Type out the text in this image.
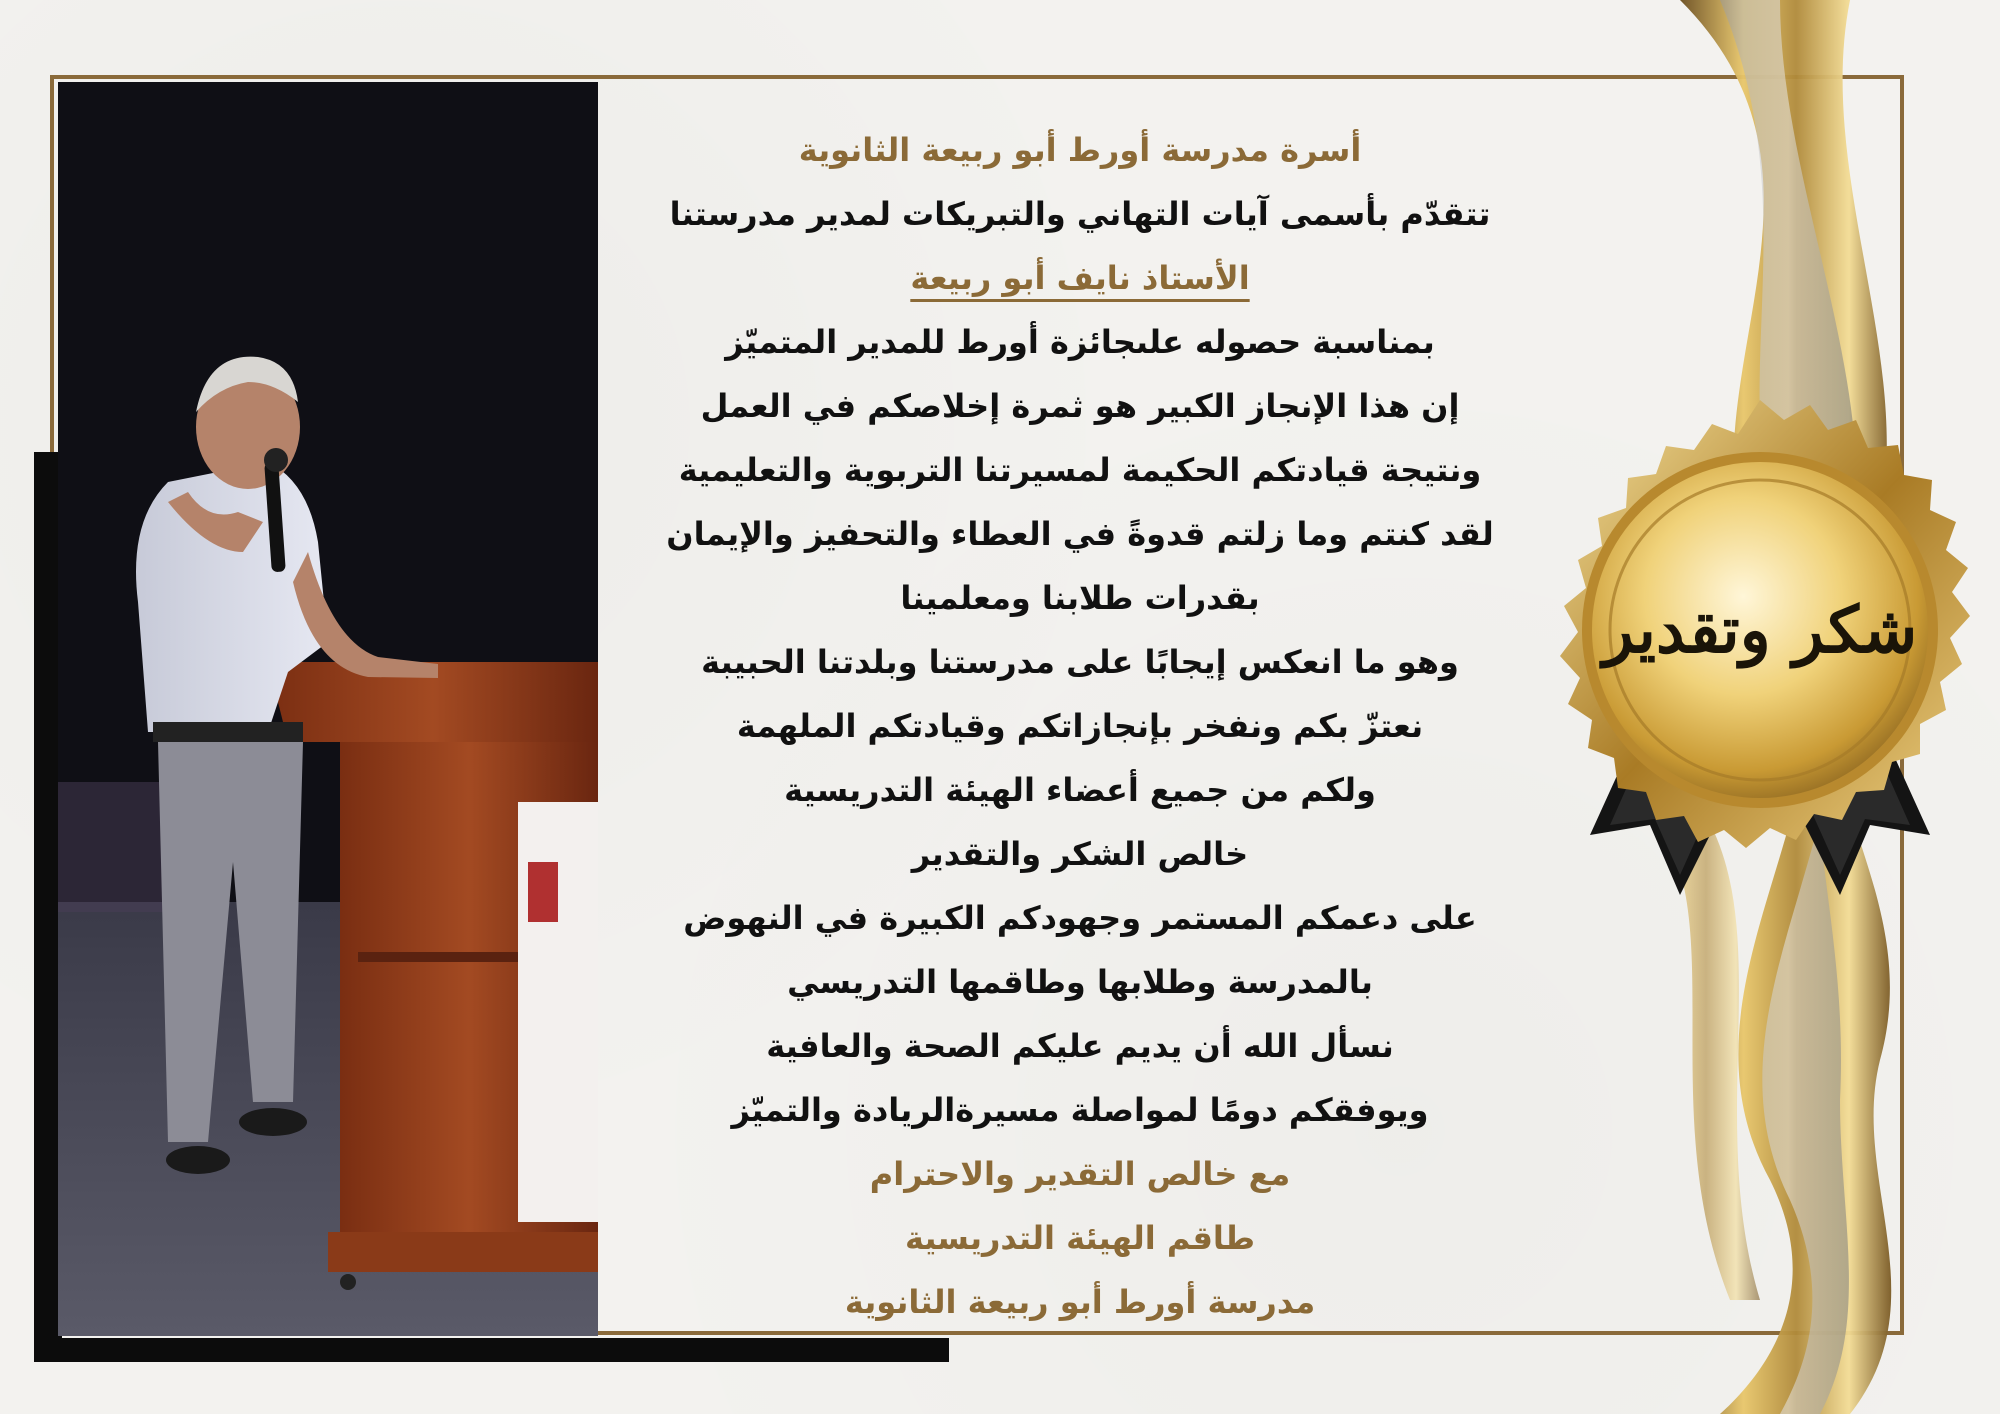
شكر وتقدير
أسرة مدرسة أورط أبو ربيعة الثانوية
تتقدّم بأسمى آيات التهاني والتبريكات لمدير مدرستنا
الأستاذ نايف أبو ربيعة
بمناسبة حصوله علىجائزة أورط للمدير المتميّز
إن هذا الإنجاز الكبير هو ثمرة إخلاصكم في العمل
ونتيجة قيادتكم الحكيمة لمسيرتنا التربوية والتعليمية
لقد كنتم وما زلتم قدوةً في العطاء والتحفيز والإيمان
بقدرات طلابنا ومعلمينا
وهو ما انعكس إيجابًا على مدرستنا وبلدتنا الحبيبة
نعتزّ بكم ونفخر بإنجازاتكم وقيادتكم الملهمة
ولكم من جميع أعضاء الهيئة التدريسية
خالص الشكر والتقدير
على دعمكم المستمر وجهودكم الكبيرة في النهوض
بالمدرسة وطلابها وطاقمها التدريسي
نسأل الله أن يديم عليكم الصحة والعافية
ويوفقكم دومًا لمواصلة مسيرةالريادة والتميّز
مع خالص التقدير والاحترام
طاقم الهيئة التدريسية
مدرسة أورط أبو ربيعة الثانوية
